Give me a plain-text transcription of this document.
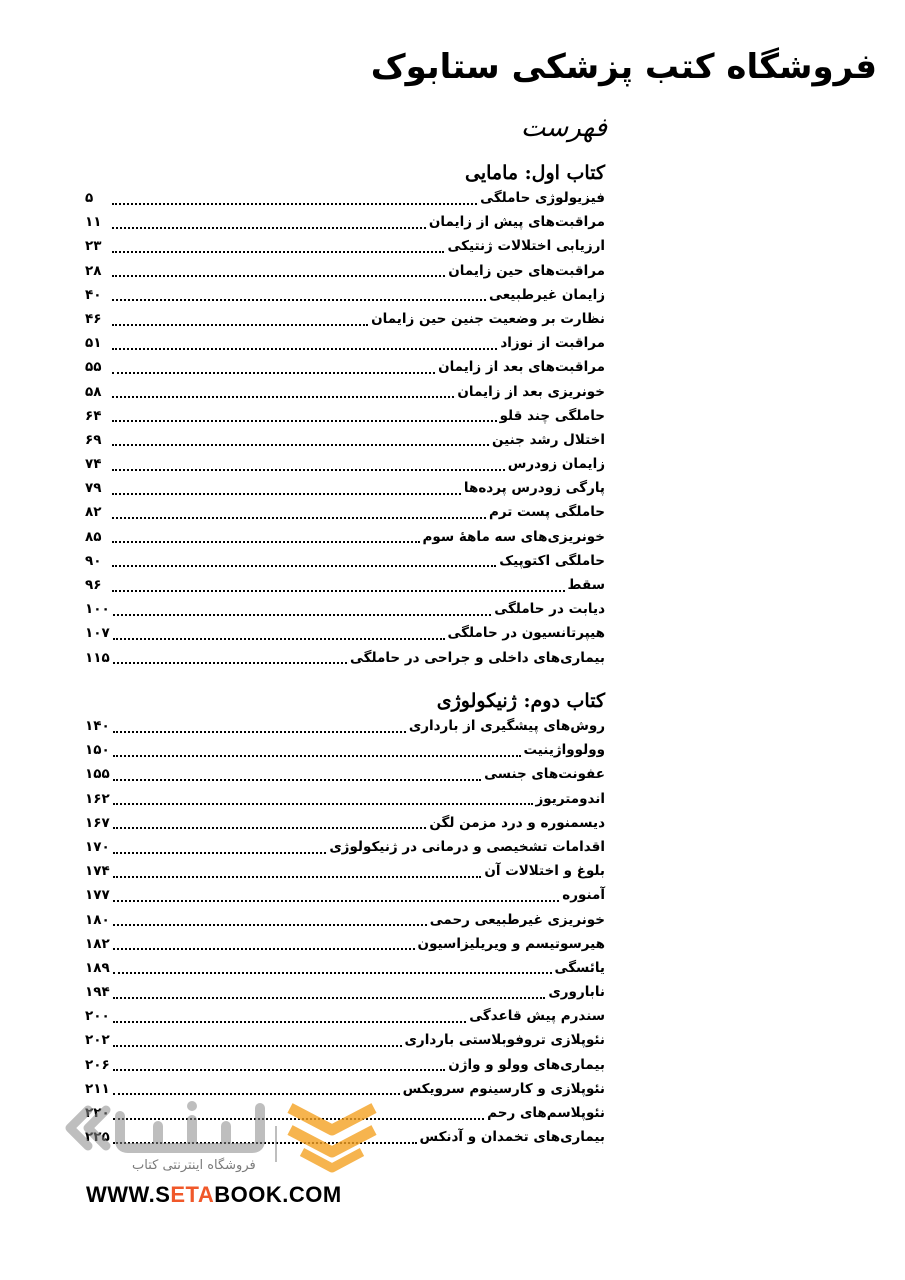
فروشگاه کتب پزشکی ستابوک
فهرست
کتاب اول: مامایی
فیزیولوژی حاملگی
۵
مراقبت‌های پیش از زایمان
۱۱
ارزیابی اختلالات ژنتیکی
۲۳
مراقبت‌های حین زایمان
۲۸
زایمان غیرطبیعی
۴۰
نظارت بر وضعیت جنین حین زایمان
۴۶
مراقبت از نوزاد
۵۱
مراقبت‌های بعد از زایمان
۵۵
خونریزی بعد از زایمان
۵۸
حاملگی چند قلو
۶۴
اختلال رشد جنین
۶۹
زایمان زودرس
۷۴
پارگی زودرس پرده‌ها
۷۹
حاملگی پست ترم
۸۲
خونریزی‌های سه ماههٔ سوم
۸۵
حاملگی اکتوپیک
۹۰
سقط
۹۶
دیابت در حاملگی
۱۰۰
هیپرتانسیون در حاملگی
۱۰۷
بیماری‌های داخلی و جراحی در حاملگی
۱۱۵
کتاب دوم: ژنیکولوژی
روش‌های پیشگیری از بارداری
۱۴۰
وولوواژینیت
۱۵۰
عفونت‌های جنسی
۱۵۵
اندومتریوز
۱۶۲
دیسمنوره و درد مزمن لگن
۱۶۷
اقدامات تشخیصی و درمانی در ژنیکولوژی
۱۷۰
بلوغ و اختلالات آن
۱۷۴
آمنوره
۱۷۷
خونریزی غیرطبیعی رحمی
۱۸۰
هیرسوتیسم و ویریلیزاسیون
۱۸۲
یائسگی
۱۸۹
ناباروری
۱۹۴
سندرم پیش قاعدگی
۲۰۰
نئوپلازی تروفوبلاستی بارداری
۲۰۲
بیماری‌های وولو و واژن
۲۰۶
نئوپلازی و کارسینوم سرویکس
۲۱۱
نئوپلاسم‌های رحم
۲۲۰
بیماری‌های تخمدان و آدنکس
۲۲۵
فروشگاه اینترنتی کتاب
WWW.SETABOOK.COM
